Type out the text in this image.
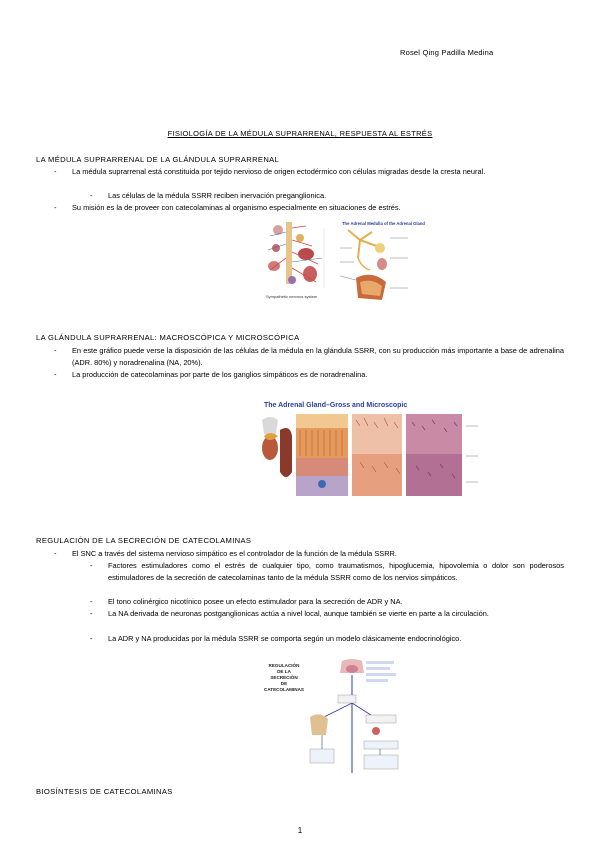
Rosel Qing Padilla Medina
FISIOLOGÍA DE LA MÉDULA SUPRARRENAL, RESPUESTA AL ESTRÉS
LA MÉDULA SUPRARRENAL DE LA GLÁNDULA SUPRARRENAL
- La médula suprarrenal está constituida por tejido nervioso de origen ectodérmico con células migradas desde la cresta neural.
- Las células de la médula SSRR reciben inervación preganglionica.
- Su misión es la de proveer con catecolaminas al organismo especialmente en situaciones de estrés.
Sympathetic nervous system
The Adrenal Medulla of the Adrenal Gland
LA GLÁNDULA SUPRARRENAL: MACROSCÓPICA Y MICROSCÓPICA
- En este gráfico puede verse la disposición de las células de la médula en la glándula SSRR, con su producción más importante a base de adrenalina (ADR. 80%) y noradrenalina (NA, 20%).
- La producción de catecolaminas por parte de los ganglios simpáticos es de noradrenalina.
The Adrenal Gland–Gross and Microscopic
REGULACIÓN DE LA SECRECIÓN DE CATECOLAMINAS
- El SNC a través del sistema nervioso simpático es el controlador de la función de la médula SSRR.
- Factores estimuladores como el estrés de cualquier tipo, como traumatismos, hipoglucemia, hipovolemia o dolor son poderosos estimuladores de la secreción de catecolaminas tanto de la médula SSRR como de los nervios simpáticos.
- El tono colinérgico nicotínico posee un efecto estimulador para la secreción de ADR y NA.
- La NA derivada de neuronas postganglionicas actúa a nivel local, aunque también se vierte en parte a la circulación.
- La ADR y NA producidas por la médula SSRR se comporta según un modelo clásicamente endocrinológico.
REGULACIÓN
DE LA
SECRECIÓN
DE
CATECOLAMINAS
BIOSÍNTESIS DE CATECOLAMINAS
1
